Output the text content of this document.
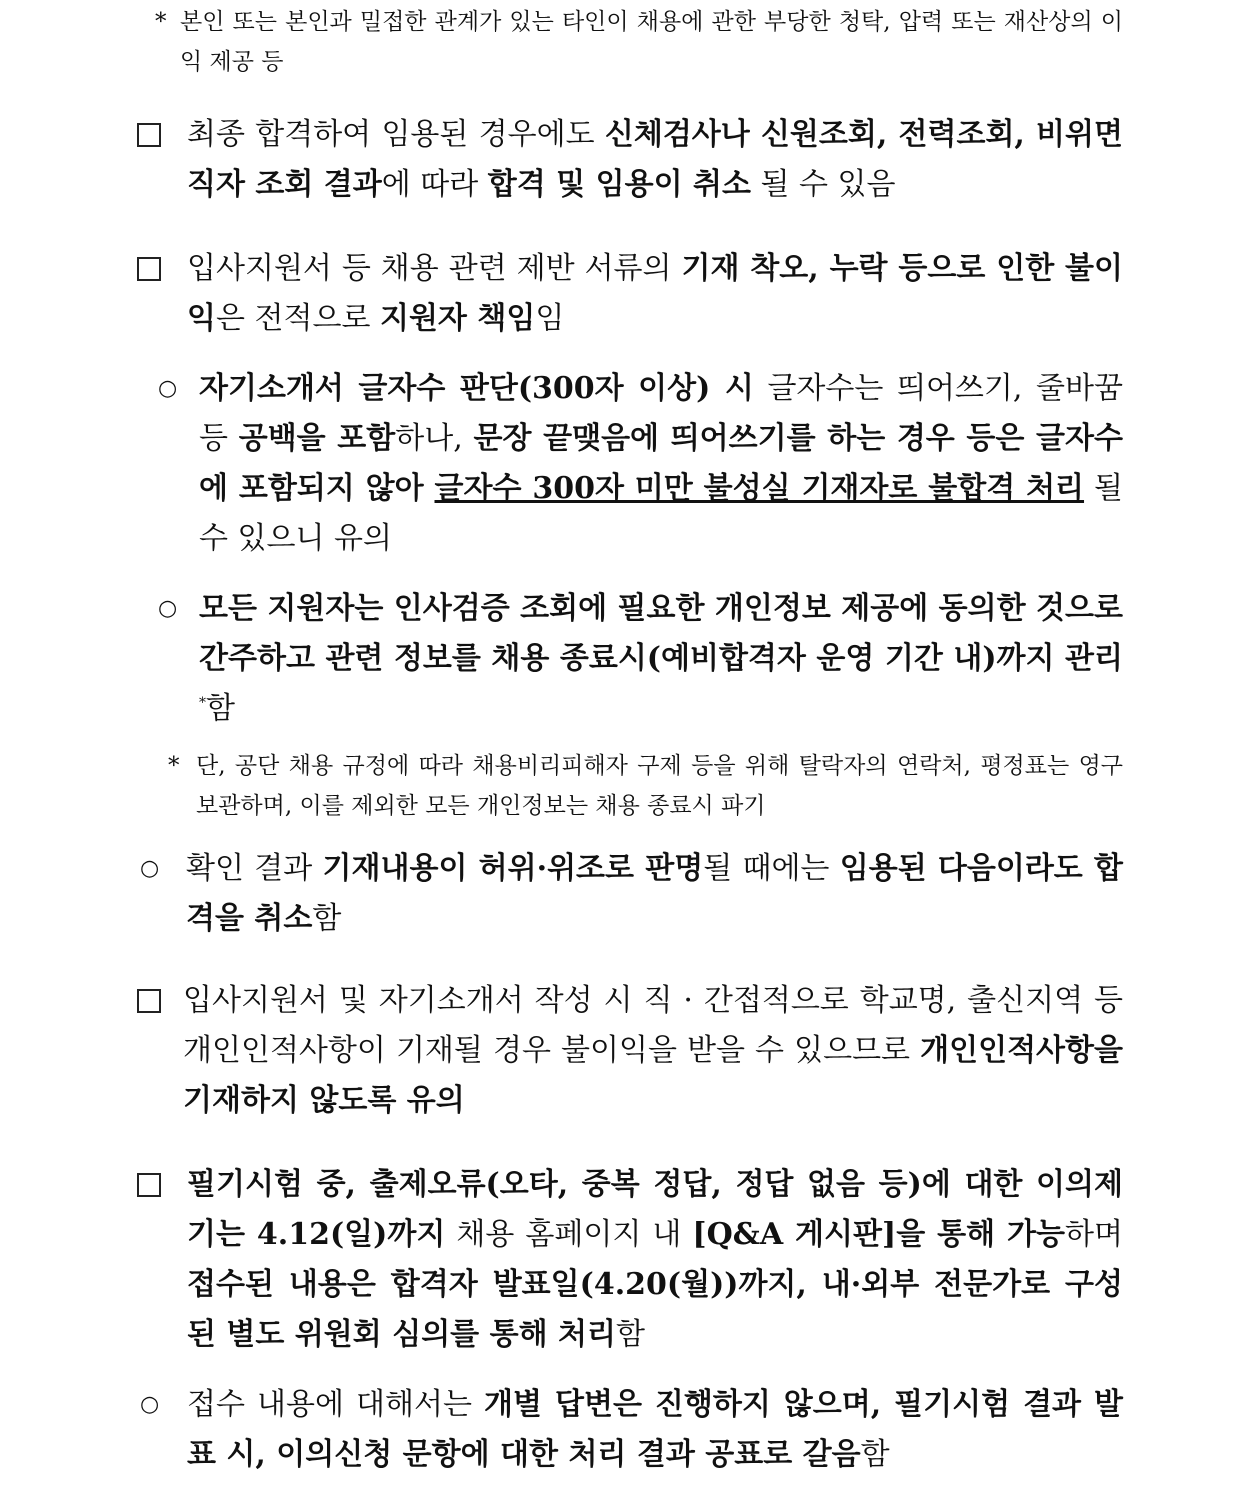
* 본인 또는 본인과 밀접한 관계가 있는 타인이 채용에 관한 부당한 청탁, 압력 또는 재산상의 이익 제공 등
최종 합격하여 임용된 경우에도 신체검사나 신원조회, 전력조회, 비위면직자 조회 결과에 따라 합격 및 임용이 취소 될 수 있음
입사지원서 등 채용 관련 제반 서류의 기재 착오, 누락 등으로 인한 불이익은 전적으로 지원자 책임임
○ 자기소개서 글자수 판단(300자 이상) 시 글자수는 띄어쓰기, 줄바꿈 등 공백을 포함하나, 문장 끝맺음에 띄어쓰기를 하는 경우 등은 글자수에 포함되지 않아 글자수 300자 미만 불성실 기재자로 불합격 처리 될 수 있으니 유의
○ 모든 지원자는 인사검증 조회에 필요한 개인정보 제공에 동의한 것으로 간주하고 관련 정보를 채용 종료시(예비합격자 운영 기간 내)까지 관리*함
* 단, 공단 채용 규정에 따라 채용비리피해자 구제 등을 위해 탈락자의 연락처, 평정표는 영구 보관하며, 이를 제외한 모든 개인정보는 채용 종료시 파기
○ 확인 결과 기재내용이 허위·위조로 판명될 때에는 임용된 다음이라도 합격을 취소함
입사지원서 및 자기소개서 작성 시 직 · 간접적으로 학교명, 출신지역 등 개인인적사항이 기재될 경우 불이익을 받을 수 있으므로 개인인적사항을 기재하지 않도록 유의
필기시험 중, 출제오류(오타, 중복 정답, 정답 없음 등)에 대한 이의제기는 4.12(일)까지 채용 홈페이지 내 [Q&A 게시판]을 통해 가능하며 접수된 내용은 합격자 발표일(4.20(월))까지, 내·외부 전문가로 구성된 별도 위원회 심의를 통해 처리함
○ 접수 내용에 대해서는 개별 답변은 진행하지 않으며, 필기시험 결과 발표 시, 이의신청 문항에 대한 처리 결과 공표로 갈음함
